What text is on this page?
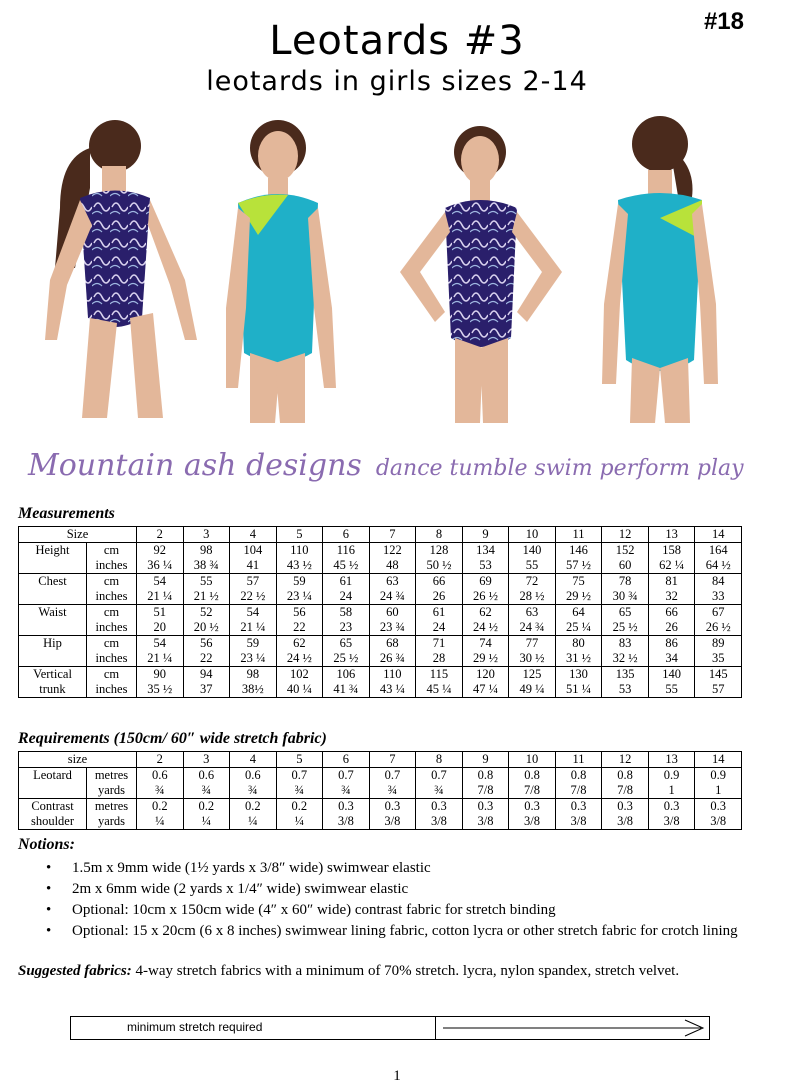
#18
Leotards #3
leotards in girls sizes 2-14
Mountain ash designs dance tumble swim perform play
Measurements
Size		2	3	4	5	6	7	8	9	10	11	12	13	14
Height	cm	92	98	104	110	116	122	128	134	140	146	152	158	164
	inches	36 ¼	38 ¾	41	43 ½	45 ½	48	50 ½	53	55	57 ½	60	62 ¼	64 ½
Chest	cm	54	55	57	59	61	63	66	69	72	75	78	81	84
	inches	21 ¼	21 ½	22 ½	23 ¼	24	24 ¾	26	26 ½	28 ½	29 ½	30 ¾	32	33
Waist	cm	51	52	54	56	58	60	61	62	63	64	65	66	67
	inches	20	20 ½	21 ¼	22	23	23 ¾	24	24 ½	24 ¾	25 ¼	25 ½	26	26 ½
Hip	cm	54	56	59	62	65	68	71	74	77	80	83	86	89
	inches	21 ¼	22	23 ¼	24 ½	25 ½	26 ¾	28	29 ½	30 ½	31 ½	32 ½	34	35
Vertical	cm	90	94	98	102	106	110	115	120	125	130	135	140	145
trunk	inches	35 ½	37	38½	40 ¼	41 ¾	43 ¼	45 ¼	47 ¼	49 ¼	51 ¼	53	55	57
Requirements (150cm/ 60″ wide stretch fabric)
size		2	3	4	5	6	7	8	9	10	11	12	13	14
Leotard	metres	0.6	0.6	0.6	0.7	0.7	0.7	0.7	0.8	0.8	0.8	0.8	0.9	0.9
	yards	¾	¾	¾	¾	¾	¾	¾	7/8	7/8	7/8	7/8	1	1
Contrast	metres	0.2	0.2	0.2	0.2	0.3	0.3	0.3	0.3	0.3	0.3	0.3	0.3	0.3
shoulder	yards	¼	¼	¼	¼	3/8	3/8	3/8	3/8	3/8	3/8	3/8	3/8	3/8
Notions:
• 1.5m x 9mm wide (1½ yards x 3/8″ wide) swimwear elastic
• 2m x 6mm wide (2 yards x 1/4″ wide) swimwear elastic
• Optional: 10cm x 150cm wide (4″ x 60″ wide) contrast fabric for stretch binding
• Optional: 15 x 20cm (6 x 8 inches) swimwear lining fabric, cotton lycra or other stretch fabric for crotch lining
Suggested fabrics: 4-way stretch fabrics with a minimum of 70% stretch. lycra, nylon spandex, stretch velvet.
minimum stretch required
1
